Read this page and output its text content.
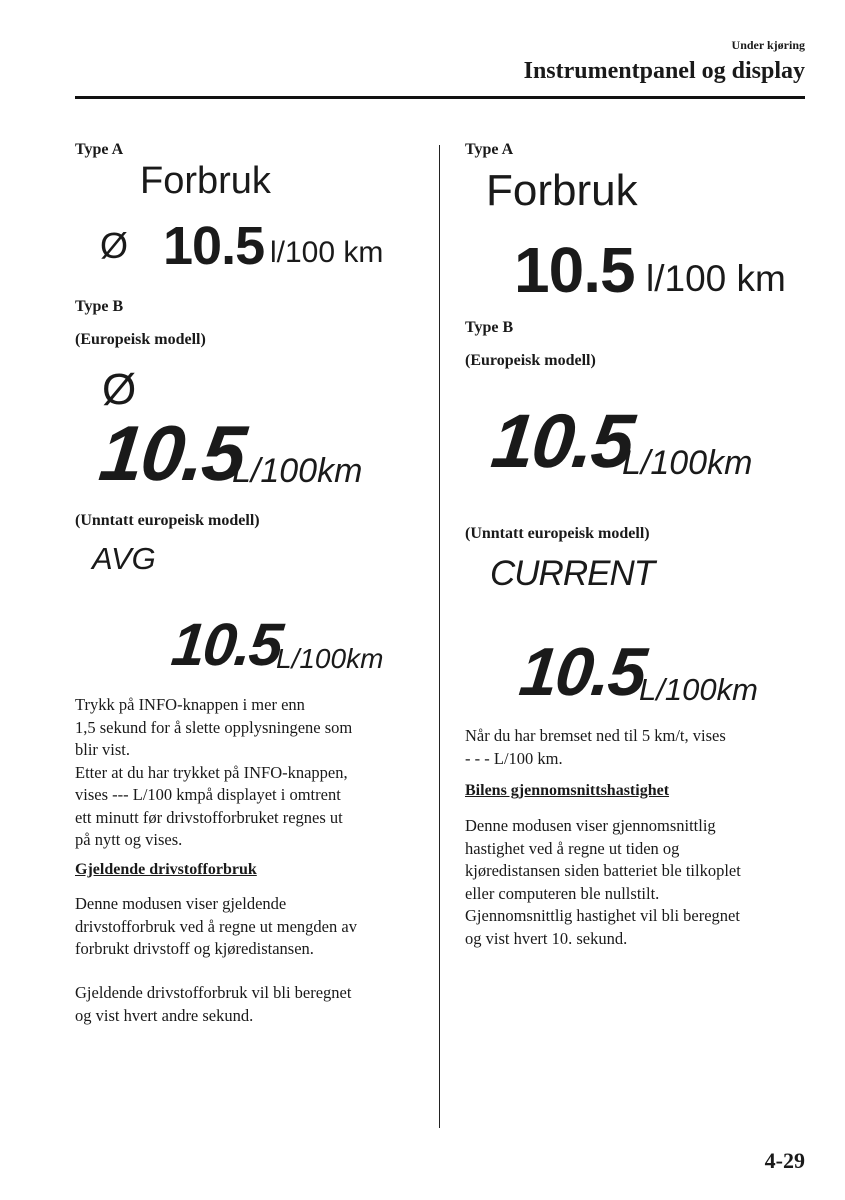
Under kjøring
Instrumentpanel og display
Type A
Forbruk
Ø 10.5 l/100 km
Type B
(Europeisk modell)
Ø
10.5
L/100km
(Unntatt europeisk modell)
AVG
10.5
L/100km
Trykk på INFO-knappen i mer enn
1,5 sekund for å slette opplysningene som
blir vist.
Etter at du har trykket på INFO-knappen,
vises --- L/100 kmpå displayet i omtrent
ett minutt før drivstofforbruket regnes ut
på nytt og vises.
Gjeldende drivstofforbruk
Denne modusen viser gjeldende
drivstofforbruk ved å regne ut mengden av
forbrukt drivstoff og kjøredistansen.
Gjeldende drivstofforbruk vil bli beregnet
og vist hvert andre sekund.
Type A
Forbruk
10.5 l/100 km
Type B
(Europeisk modell)
10.5
L/100km
(Unntatt europeisk modell)
CURRENT
10.5
L/100km
Når du har bremset ned til 5 km/t, vises
- - - L/100 km.
Bilens gjennomsnittshastighet
Denne modusen viser gjennomsnittlig
hastighet ved å regne ut tiden og
kjøredistansen siden batteriet ble tilkoplet
eller computeren ble nullstilt.
Gjennomsnittlig hastighet vil bli beregnet
og vist hvert 10. sekund.
4-29
